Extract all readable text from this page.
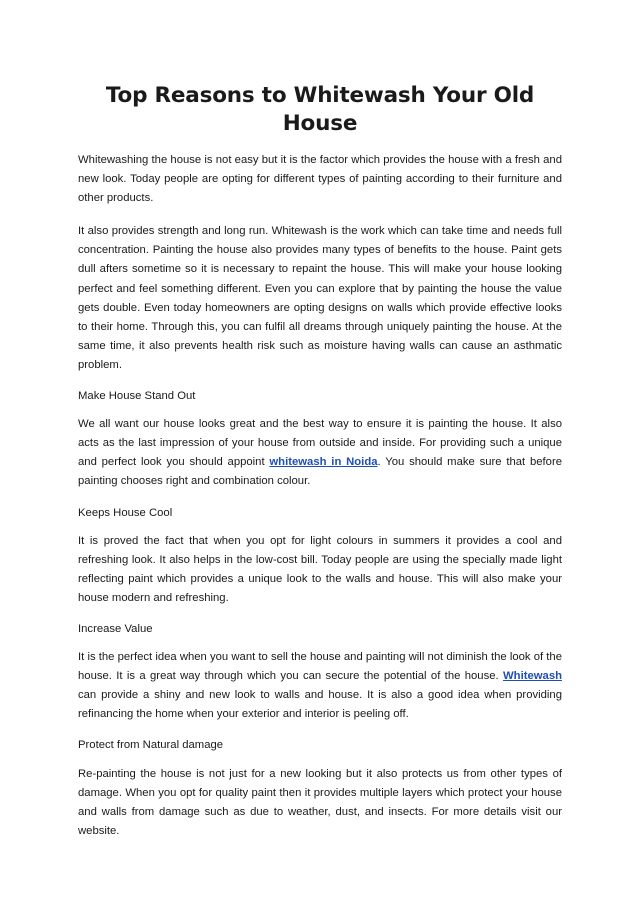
Top Reasons to Whitewash Your Old House

Whitewashing the house is not easy but it is the factor which provides the house with a fresh and new look. Today people are opting for different types of painting according to their furniture and other products.

It also provides strength and long run. Whitewash is the work which can take time and needs full concentration. Painting the house also provides many types of benefits to the house. Paint gets dull afters sometime so it is necessary to repaint the house. This will make your house looking perfect and feel something different. Even you can explore that by painting the house the value gets double. Even today homeowners are opting designs on walls which provide effective looks to their home. Through this, you can fulfil all dreams through uniquely painting the house. At the same time, it also prevents health risk such as moisture having walls can cause an asthmatic problem.

Make House Stand Out

We all want our house looks great and the best way to ensure it is painting the house. It also acts as the last impression of your house from outside and inside. For providing such a unique and perfect look you should appoint whitewash in Noida. You should make sure that before painting chooses right and combination colour.

Keeps House Cool

It is proved the fact that when you opt for light colours in summers it provides a cool and refreshing look. It also helps in the low-cost bill. Today people are using the specially made light reflecting paint which provides a unique look to the walls and house. This will also make your house modern and refreshing.

Increase Value

It is the perfect idea when you want to sell the house and painting will not diminish the look of the house. It is a great way through which you can secure the potential of the house. Whitewash can provide a shiny and new look to walls and house. It is also a good idea when providing refinancing the home when your exterior and interior is peeling off.

Protect from Natural damage

Re-painting the house is not just for a new looking but it also protects us from other types of damage. When you opt for quality paint then it provides multiple layers which protect your house and walls from damage such as due to weather, dust, and insects. For more details visit our website.
